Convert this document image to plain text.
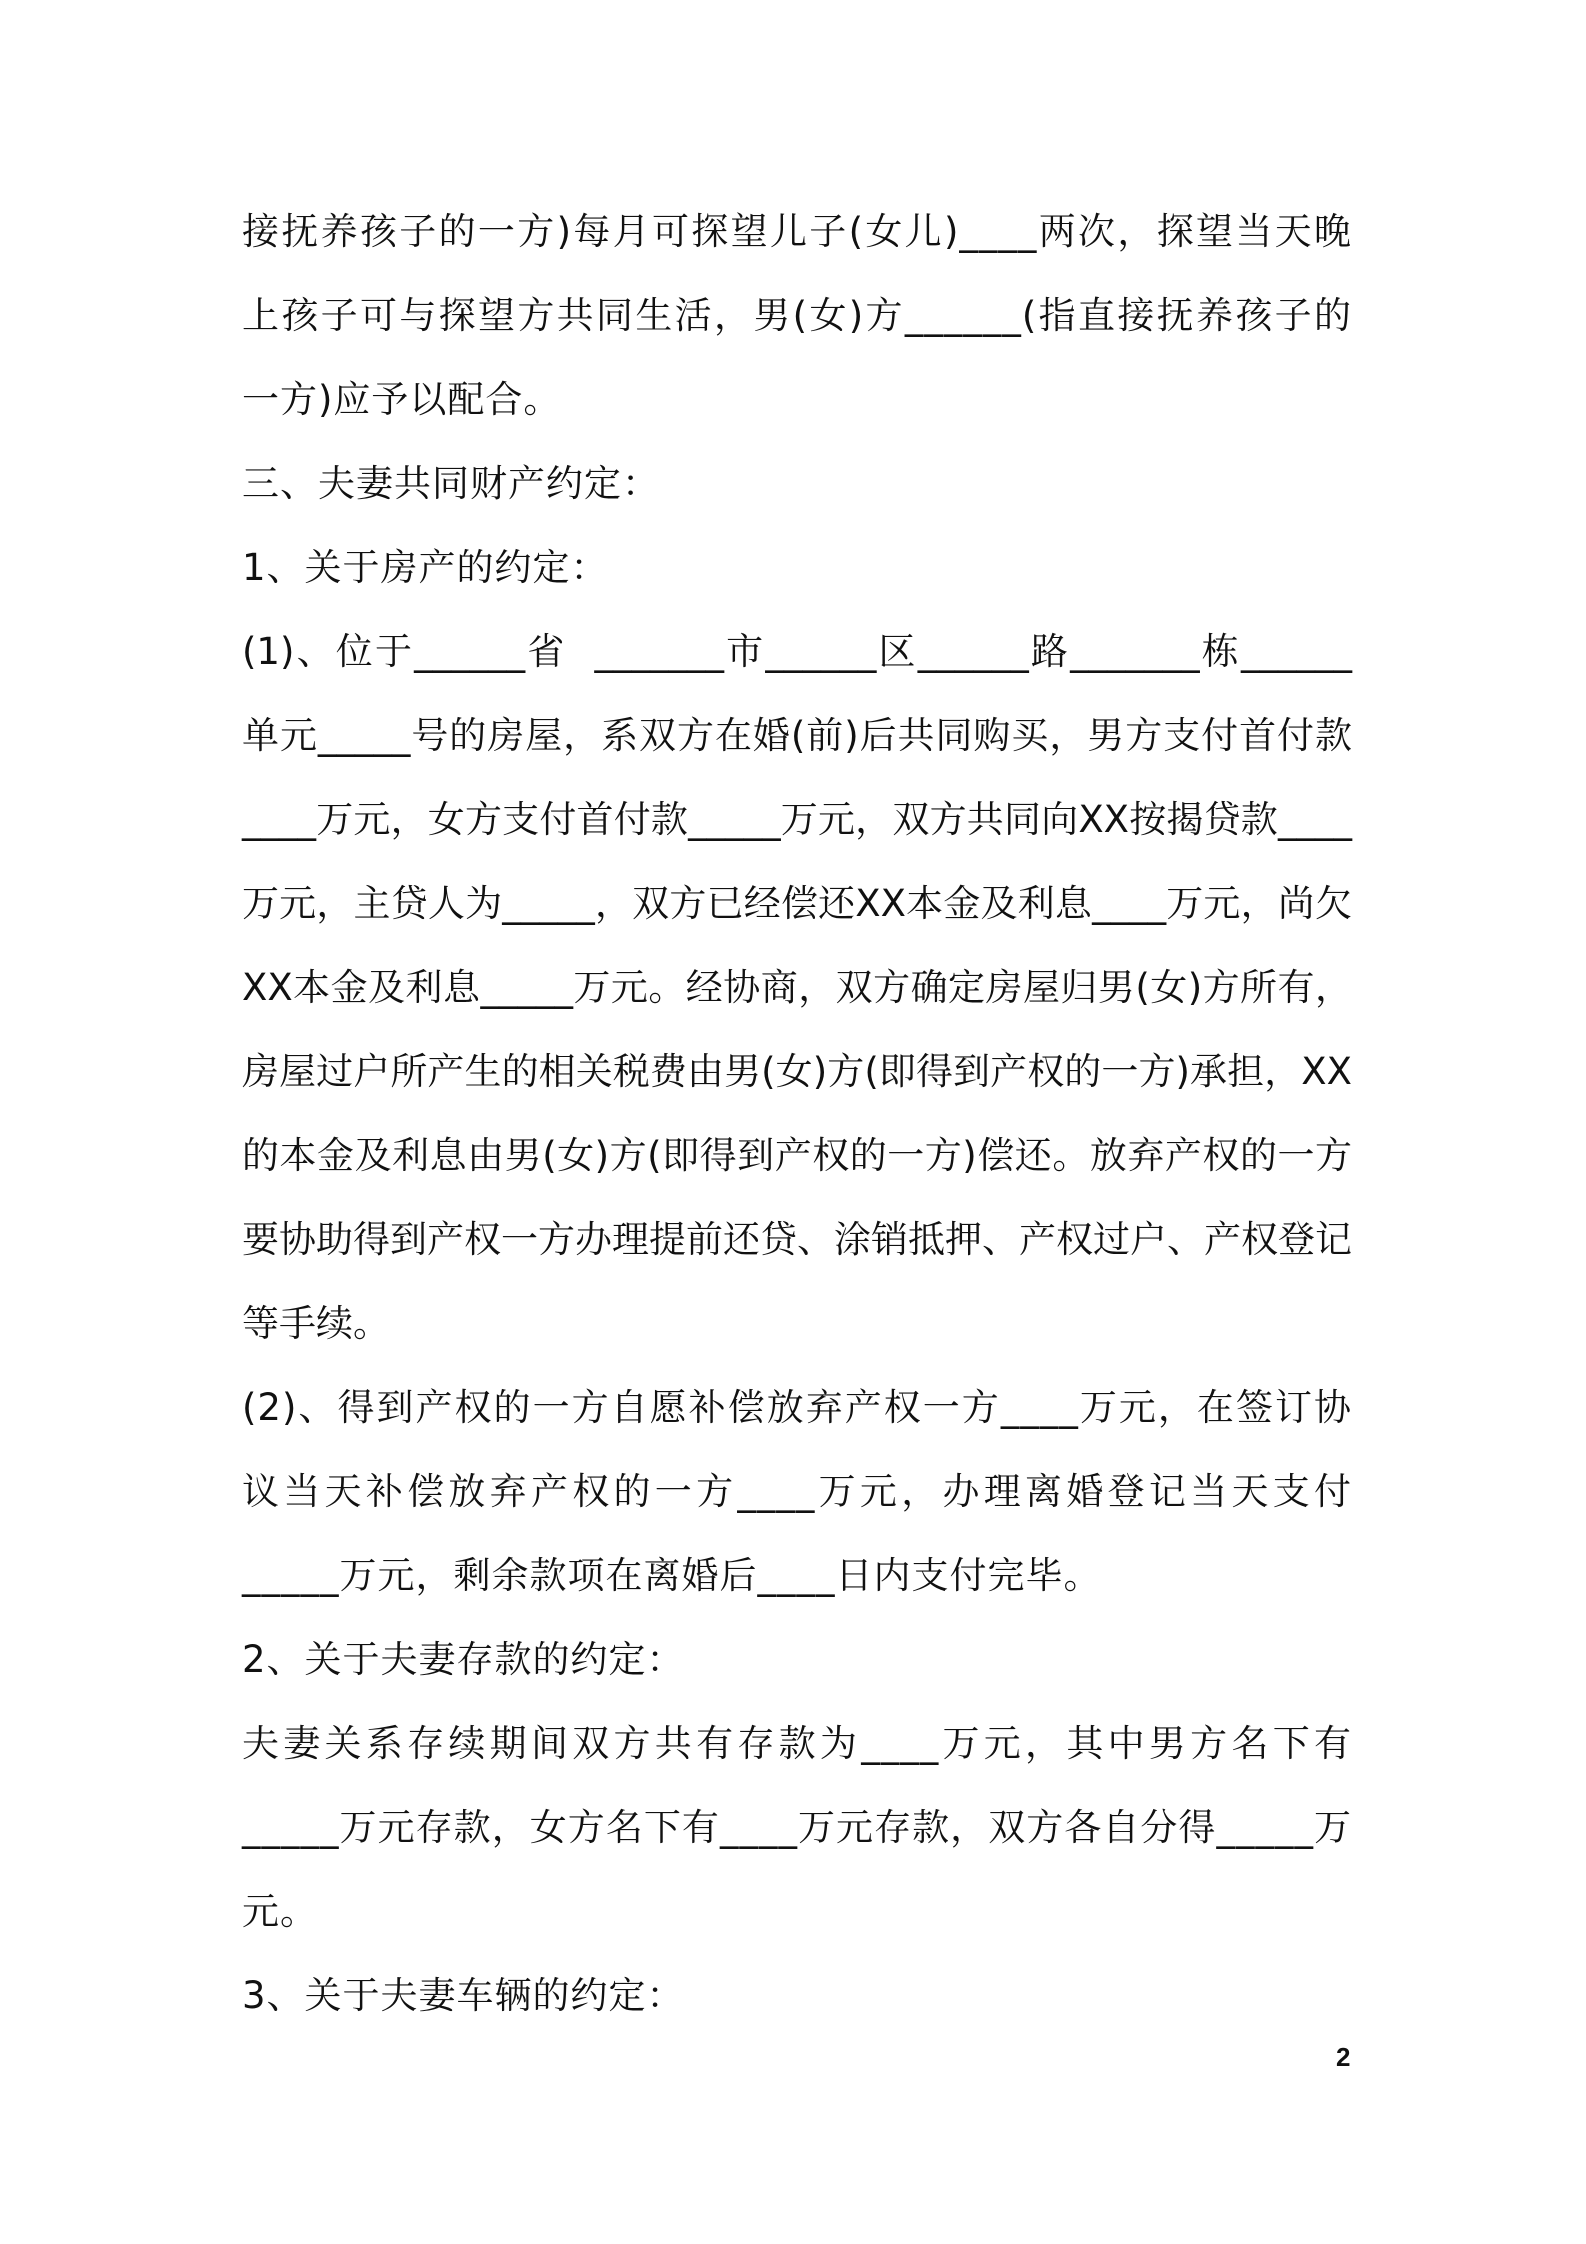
接抚养孩子的一方)每月可探望儿子(女儿)____两次，探望当天晚上孩子可与探望方共同生活，男(女)方______(指直接抚养孩子的一方)应予以配合。

三、夫妻共同财产约定：

1、关于房产的约定：

(1)、位于______省  _______市______区______路_______栋______单元_____号的房屋，系双方在婚(前)后共同购买，男方支付首付款____万元，女方支付首付款_____万元，双方共同向XX按揭贷款____万元，主贷人为_____，双方已经偿还XX本金及利息____万元，尚欠XX本金及利息_____万元。经协商，双方确定房屋归男(女)方所有，房屋过户所产生的相关税费由男(女)方(即得到产权的一方)承担，XX的本金及利息由男(女)方(即得到产权的一方)偿还。放弃产权的一方要协助得到产权一方办理提前还贷、涂销抵押、产权过户、产权登记等手续。

(2)、得到产权的一方自愿补偿放弃产权一方____万元，在签订协议当天补偿放弃产权的一方____万元，办理离婚登记当天支付_____万元，剩余款项在离婚后____日内支付完毕。

2、关于夫妻存款的约定：

夫妻关系存续期间双方共有存款为____万元，其中男方名下有_____万元存款，女方名下有____万元存款，双方各自分得_____万元。

3、关于夫妻车辆的约定：

2
